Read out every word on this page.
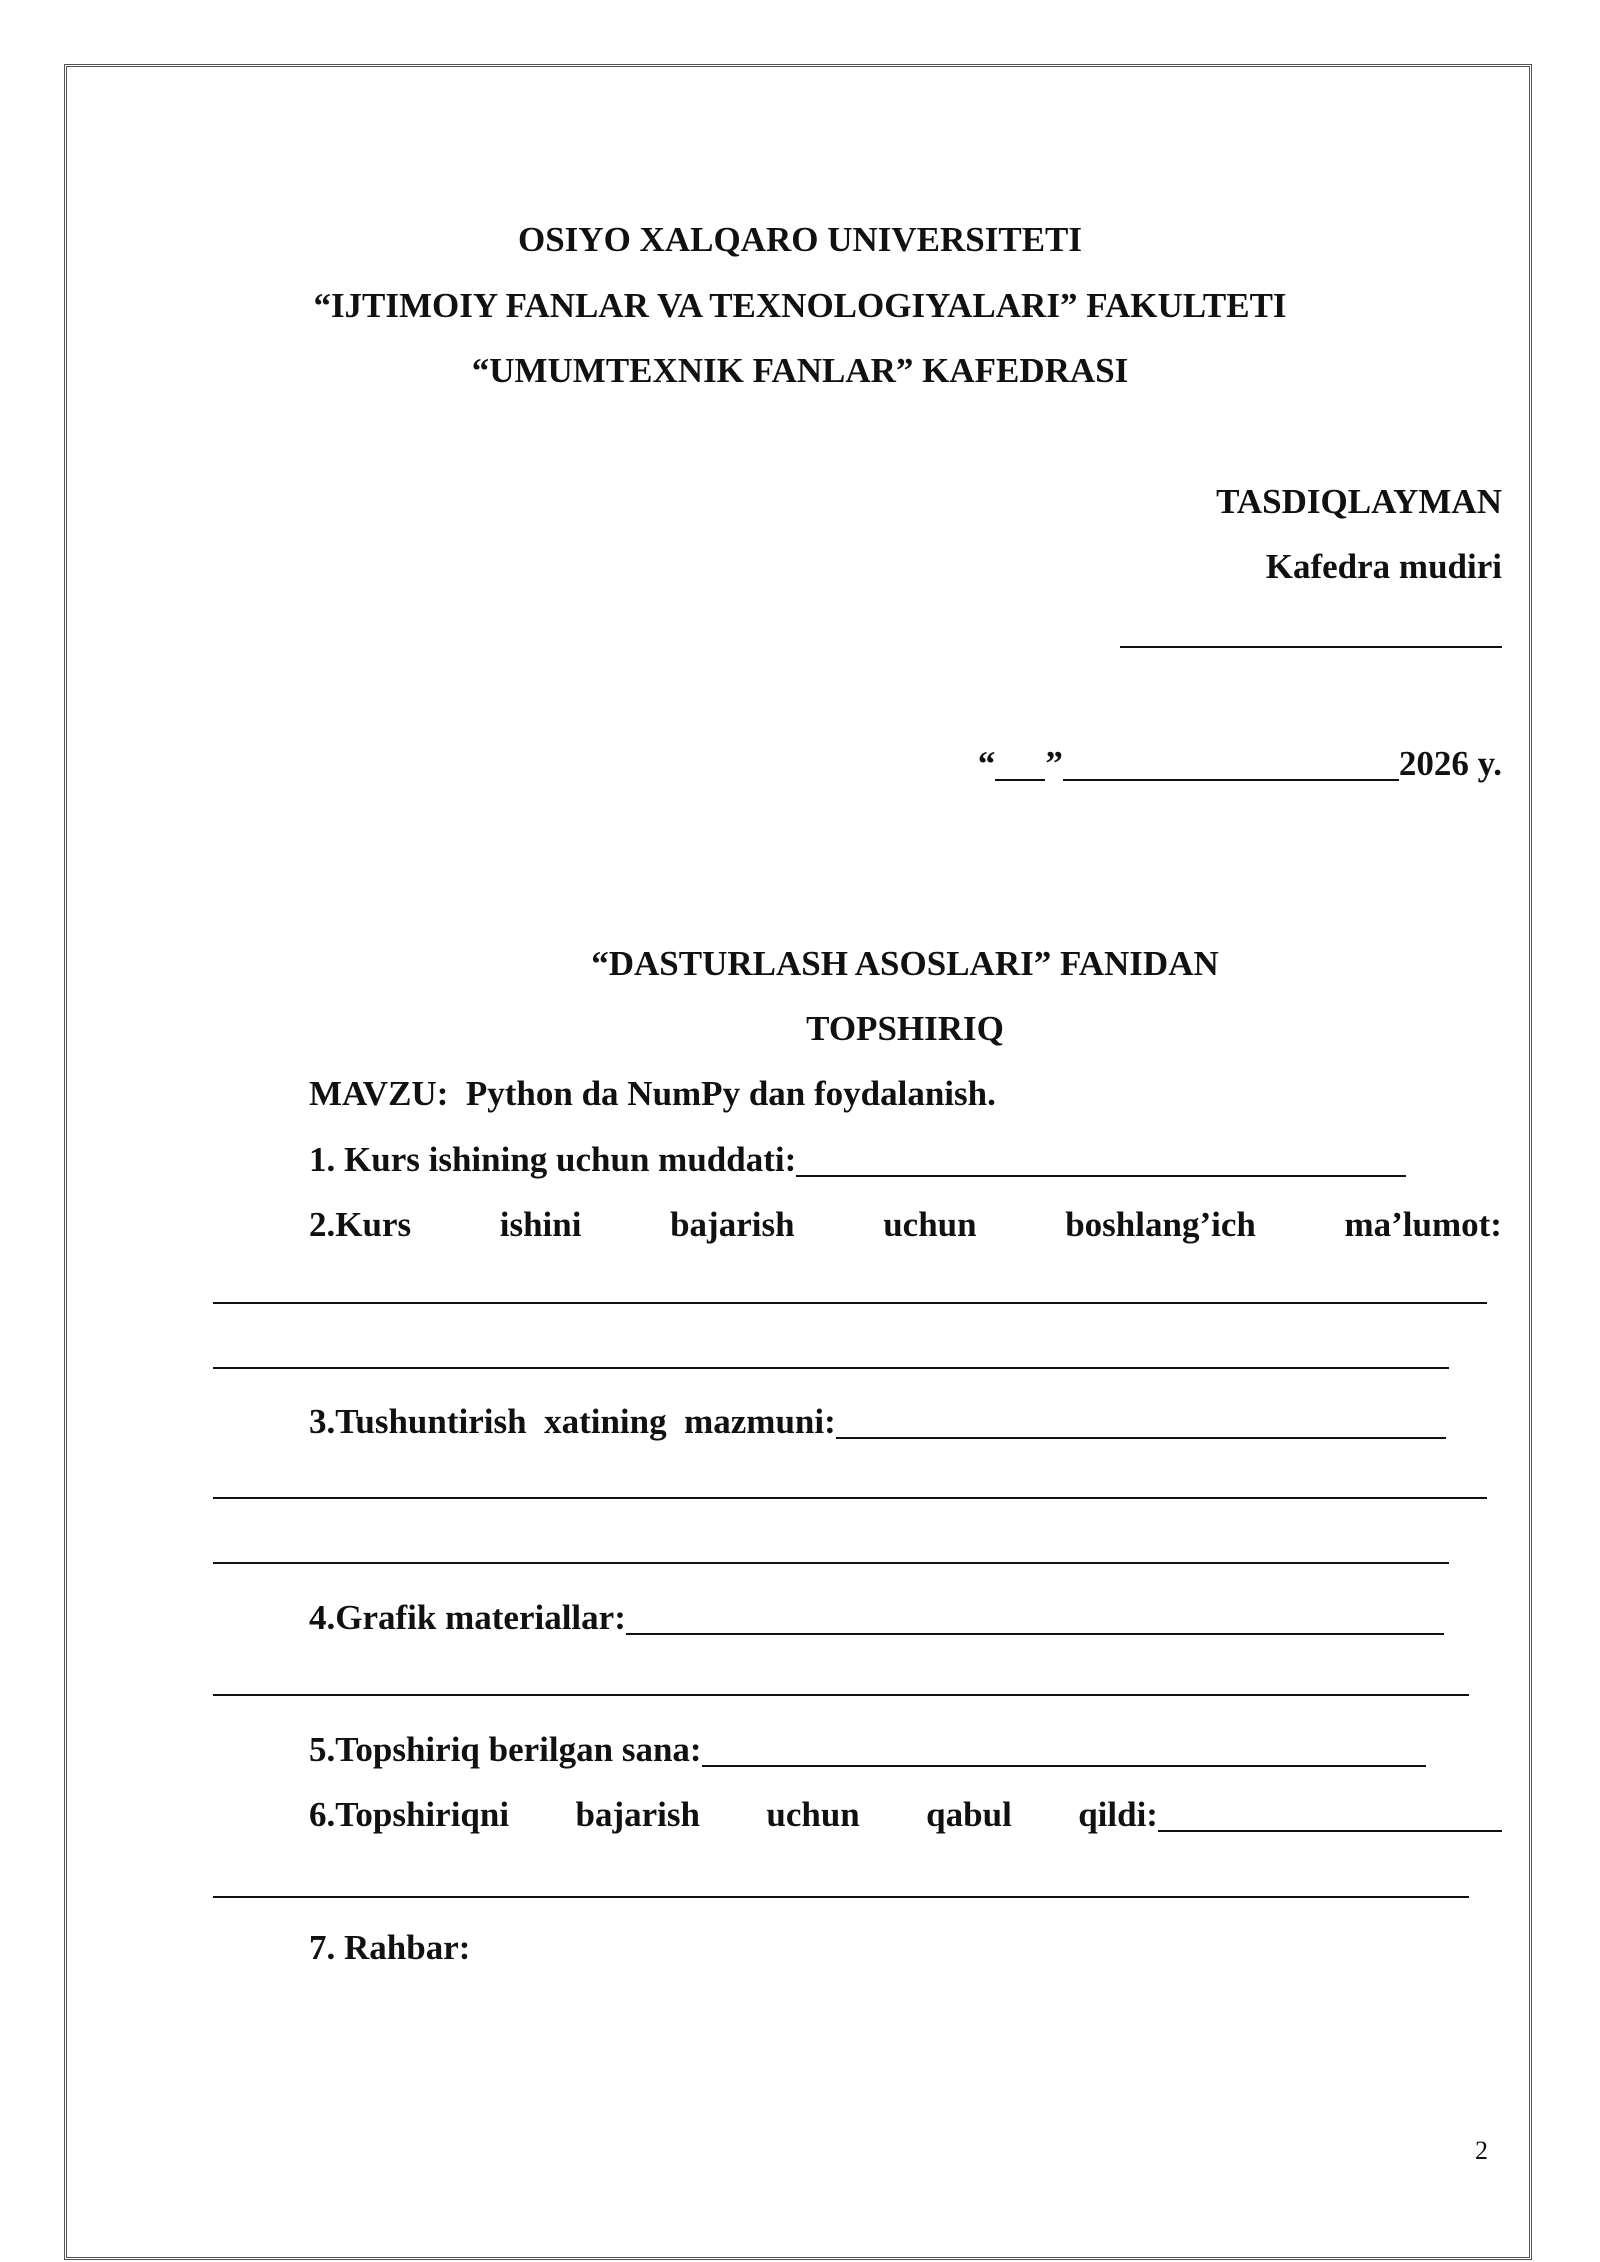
OSIYO XALQARO UNIVERSITETI
“IJTIMOIY FANLAR VA TEXNOLOGIYALARI” FAKULTETI
“UMUMTEXNIK FANLAR” KAFEDRASI
TASDIQLAYMAN
Kafedra mudiri
“ ”	2026 y.
“DASTURLASH ASOSLARI” FANIDAN
TOPSHIRIQ
MAVZU: Python da NumPy dan foydalanish.
1. Kurs ishining uchun muddati:
2.Kurs	ishini	bajarish	uchun	boshlang’ich	ma’lumot:
3.Tushuntirish  xatining  mazmuni:
4.Grafik materiallar:
5.Topshiriq berilgan sana:
6.Topshiriqni bajarish uchun qabul qildi:
7. Rahbar:
2
